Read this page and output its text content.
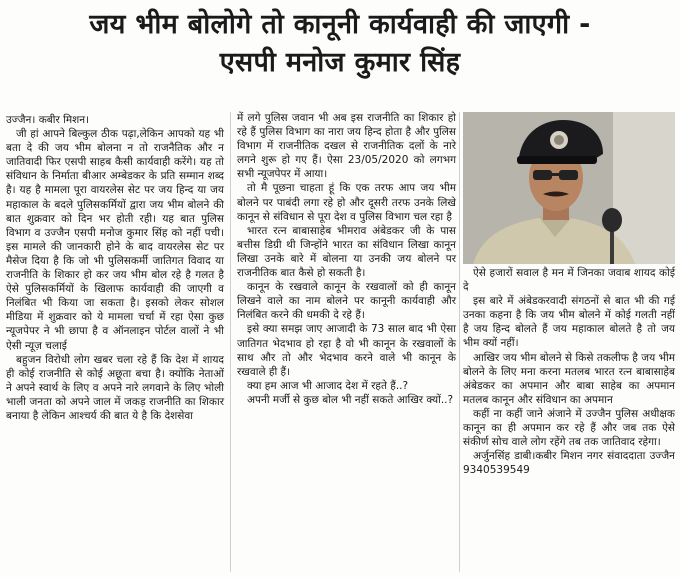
जय भीम बोलोगे तो कानूनी कार्यवाही की जाएगी -
एसपी मनोज कुमार सिंह

उज्जैन। कबीर मिशन।

जी हां आपने बिल्कुल ठीक पढ़ा,लेकिन आपको यह भी बता दे की जय भीम बोलना न तो राजनैतिक और न जातिवादी फिर एसपी साहब कैसी कार्यवाही करेंगे। यह तो संविधान के निर्माता बीआर अम्बेडकर के प्रति सम्मान शब्द है। यह है मामला पूरा वायरलेस सेट पर जय हिन्द या जय महाकाल के बदले पुलिसकर्मियों द्वारा जय भीम बोलने की बात शुक्रवार को दिन भर होती रही। यह बात पुलिस विभाग व उज्जैन एसपी मनोज कुमार सिंह को नहीं पची। इस मामले की जानकारी होने के बाद वायरलेस सेट पर मैसेज दिया है कि जो भी पुलिसकर्मी जातिगत विवाद या राजनीति के शिकार हो कर जय भीम बोल रहे है गलत है ऐसे पुलिसकर्मियों के खिलाफ कार्यवाही की जाएगी व निलंबित भी किया जा सकता है। इसको लेकर सोशल मीडिया में शुक्रवार को ये मामला चर्चा में रहा ऐसा कुछ न्यूजपेपर ने भी छापा है व ऑनलाइन पोर्टल वालों ने भी ऐसी न्यूज़ चलाई

बहुजन विरोधी लोग खबर चला रहे हैं कि देश में शायद ही कोई राजनीति से कोई अछूता बचा है। क्योंकि नेताओं ने अपने स्वार्थ के लिए व अपने नारे लगवाने के लिए भोली भाली जनता को अपने जाल में जकड़ राजनीति का शिकार बनाया है लेकिन आश्चर्य की बात ये है कि देशसेवा

में लगे पुलिस जवान भी अब इस राजनीति का शिकार हो रहे हैं पुलिस विभाग का नारा जय हिन्द होता है और पुलिस विभाग में राजनीतिक दखल से राजनीतिक दलों के नारे लगने शुरू हो गए हैं। ऐसा 23/05/2020 को लगभग सभी न्यूजपेपर में आया।

तो मै पूछना चाहता हूं कि एक तरफ आप जय भीम बोलने पर पाबंदी लगा रहे हो और दूसरी तरफ उनके लिखे कानून से संविधान से पूरा देश व पुलिस विभाग चल रहा है

भारत रत्न बाबासाहेब भीमराव अंबेडकर जी के पास बत्तीस डिग्री थी जिन्होंने भारत का संविधान लिखा कानून लिखा उनके बारे में बोलना या उनकी जय बोलने पर राजनीतिक बात कैसे हो सकती है।

कानून के रखवाले कानून के रखवालों को ही कानून लिखने वाले का नाम बोलने पर कानूनी कार्यवाही और निलंबित करने की धमकी दे रहे हैं।

इसे क्या समझ जाए आजादी के 73 साल बाद भी ऐसा जातिगत भेदभाव हो रहा है वो भी कानून के रखवालों के साथ और तो और भेदभाव करने वाले भी कानून के रखवाले ही हैं।

क्या हम आज भी आजाद देश में रहते हैं..?

अपनी मर्जी से कुछ बोल भी नहीं सकते आखिर क्यों..?

ऐसे हजारों सवाल है मन में जिनका जवाब शायद कोई दे

इस बारे में अंबेडकरवादी संगठनों से बात भी की गई उनका कहना है कि जय भीम बोलने में कोई गलती नहीं है जय हिन्द बोलते हैं जय महाकाल बोलते है तो जय भीम क्यों नहीं।

आखिर जय भीम बोलने से किसे तकलीफ है जय भीम बोलने के लिए मना करना मतलब भारत रत्न बाबासाहेब अंबेडकर का अपमान और बाबा साहेब का अपमान मतलब कानून और संविधान का अपमान

कहीं ना कहीं जाने अंजाने में उज्जैन पुलिस अधीक्षक कानून का ही अपमान कर रहे हैं और जब तक ऐसे संकीर्ण सोच वाले लोग रहेंगे तब तक जातिवाद रहेगा।

अर्जुनसिंह डाबी।कबीर मिशन नगर संवाददाता उज्जैन 9340539549
